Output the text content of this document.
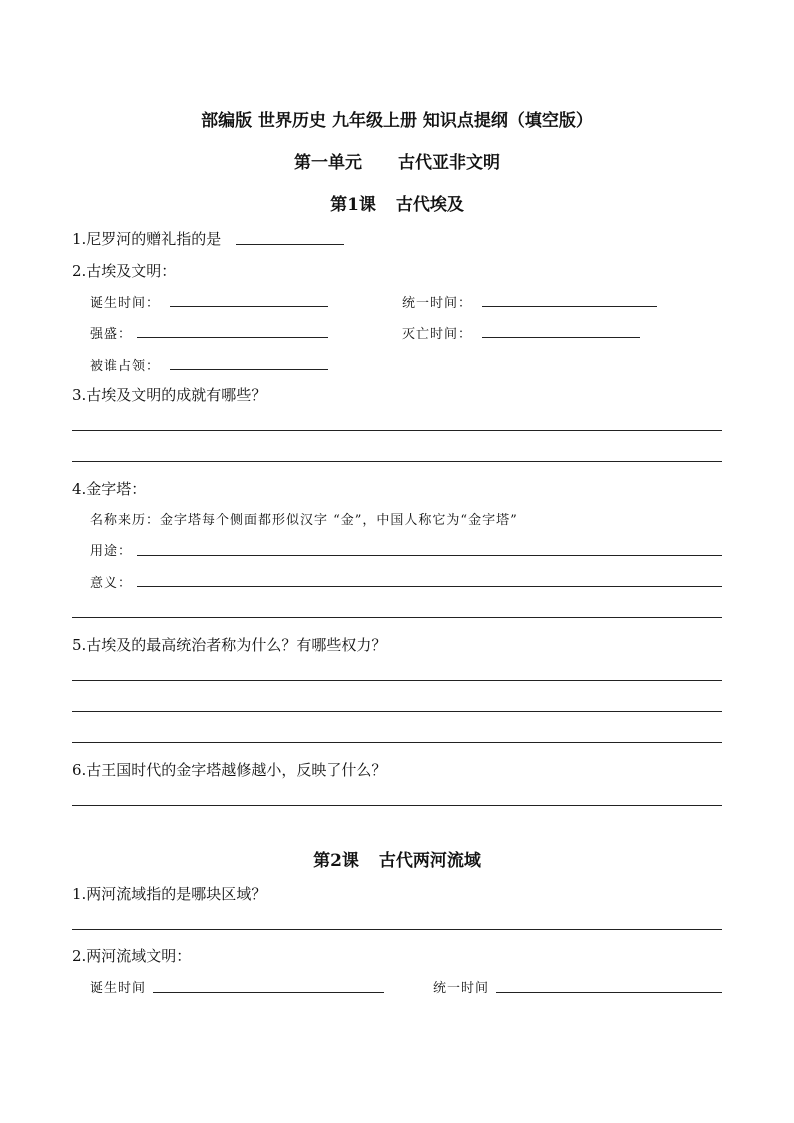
部编版 世界历史 九年级上册 知识点提纲（填空版）
第一单元 古代亚非文明
第1课 古代埃及
1.尼罗河的赠礼指的是
2.古埃及文明：
诞生时间：	统一时间：
强盛：	灭亡时间：
被谁占领：
3.古埃及文明的成就有哪些？
4.金字塔：
名称来历：金字塔每个侧面都形似汉字 “金”，中国人称它为“金字塔”
用途：
意义：
5.古埃及的最高统治者称为什么？有哪些权力？
6.古王国时代的金字塔越修越小，反映了什么？
第2课 古代两河流域
1.两河流域指的是哪块区域？
2.两河流域文明：
诞生时间	统一时间
